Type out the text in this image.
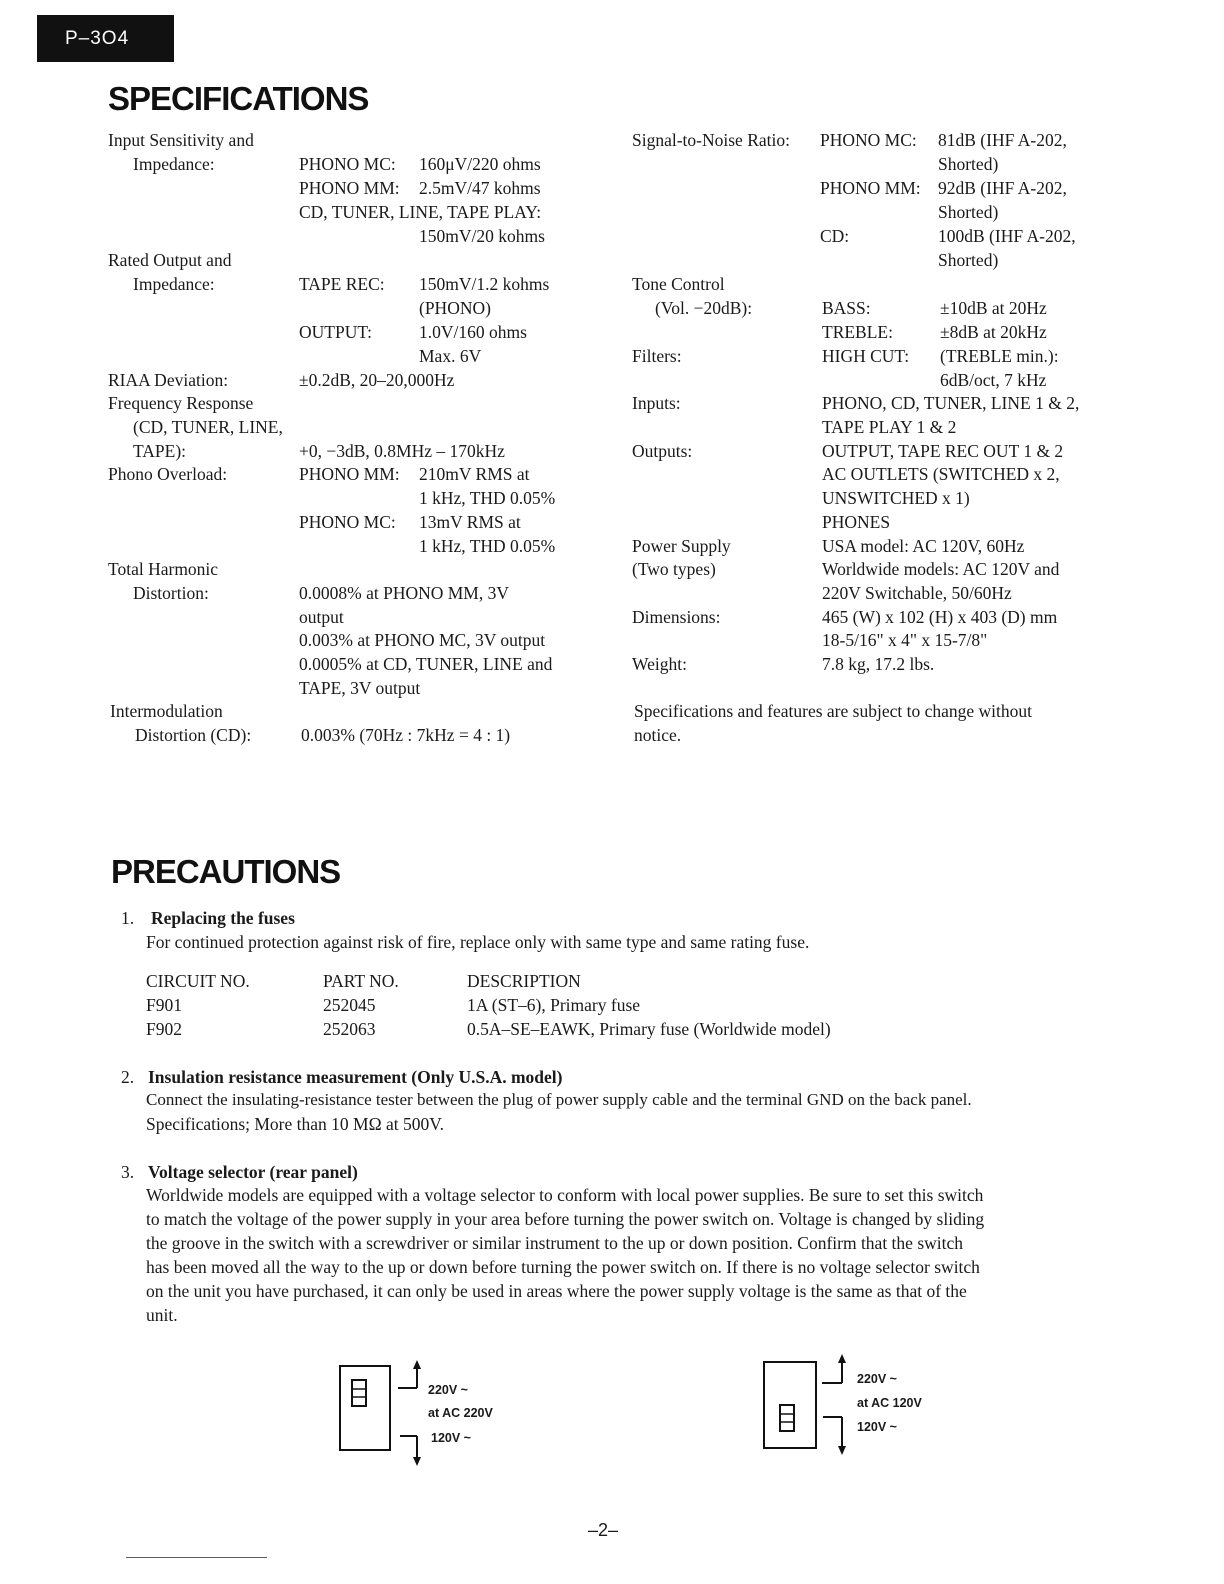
P–3O4
SPECIFICATIONS
Input Sensitivity and
Impedance:	PHONO MC: 160μV/220 ohms
PHONO MM: 2.5mV/47 kohms
CD, TUNER, LINE, TAPE PLAY:
150mV/20 kohms
Rated Output and
Impedance:	TAPE REC: 150mV/1.2 kohms
(PHONO)
OUTPUT:	1.0V/160 ohms
Max. 6V
RIAA Deviation:	±0.2dB, 20–20,000Hz
Frequency Response
(CD, TUNER, LINE,
TAPE):	+0, −3dB, 0.8MHz – 170kHz
Phono Overload:	PHONO MM: 210mV RMS at
1 kHz, THD 0.05%
PHONO MC: 13mV RMS at
1 kHz, THD 0.05%
Total Harmonic
Distortion:	0.0008% at PHONO MM, 3V
output
0.003% at PHONO MC, 3V output
0.0005% at CD, TUNER, LINE and
TAPE, 3V output
Intermodulation
Distortion (CD):	0.003% (70Hz : 7kHz = 4 : 1)
Signal-to-Noise Ratio: PHONO MC: 81dB (IHF A-202,
Shorted)
PHONO MM: 92dB (IHF A-202,
Shorted)
CD:	100dB (IHF A-202,
Shorted)
Tone Control
(Vol. −20dB):	BASS:	±10dB at 20Hz
TREBLE:	±8dB at 20kHz
Filters:	HIGH CUT: (TREBLE min.):
6dB/oct, 7 kHz
Inputs:	PHONO, CD, TUNER, LINE 1 & 2,
TAPE PLAY 1 & 2
Outputs:	OUTPUT, TAPE REC OUT 1 & 2
AC OUTLETS (SWITCHED x 2,
UNSWITCHED x 1)
PHONES
Power Supply
(Two types)
USA model: AC 120V, 60Hz
Worldwide models: AC 120V and
220V Switchable, 50/60Hz
Dimensions:	465 (W) x 102 (H) x 403 (D) mm
18-5/16" x 4" x 15-7/8"
Weight:	7.8 kg, 17.2 lbs.
Specifications and features are subject to change without
notice.
PRECAUTIONS
1. Replacing the fuses
For continued protection against risk of fire, replace only with same type and same rating fuse.
CIRCUIT NO.	PART NO.	DESCRIPTION
F901	252045	1A (ST–6), Primary fuse
F902	252063	0.5A–SE–EAWK, Primary fuse (Worldwide model)
2. Insulation resistance measurement (Only U.S.A. model)
Connect the insulating-resistance tester between the plug of power supply cable and the terminal GND on the back panel.
Specifications; More than 10 MΩ at 500V.
3. Voltage selector (rear panel)
Worldwide models are equipped with a voltage selector to conform with local power supplies. Be sure to set this switch
to match the voltage of the power supply in your area before turning the power switch on. Voltage is changed by sliding
the groove in the switch with a screwdriver or similar instrument to the up or down position. Confirm that the switch
has been moved all the way to the up or down before turning the power switch on. If there is no voltage selector switch
on the unit you have purchased, it can only be used in areas where the power supply voltage is the same as that of the
unit.
220V ~
at AC 220V
120V ~
220V ~
at AC 120V
120V ~
–2–
